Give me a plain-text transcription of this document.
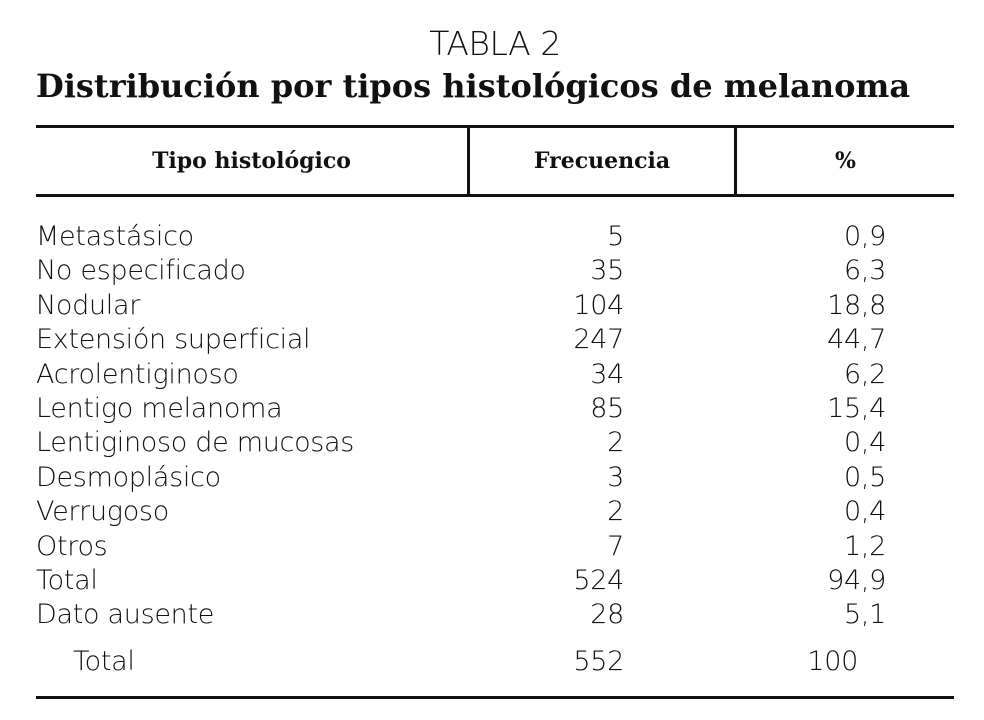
TABLA 2
Distribución por tipos histológicos de melanoma
Tipo histológico	Frecuencia	%
Metastásico	5	0,9
No especificado	35	6,3
Nodular	104	18,8
Extensión superficial	247	44,7
Acrolentiginoso	34	6,2
Lentigo melanoma	85	15,4
Lentiginoso de mucosas	2	0,4
Desmoplásico	3	0,5
Verrugoso	2	0,4
Otros	7	1,2
Total	524	94,9
Dato ausente	28	5,1
Total	552	100
